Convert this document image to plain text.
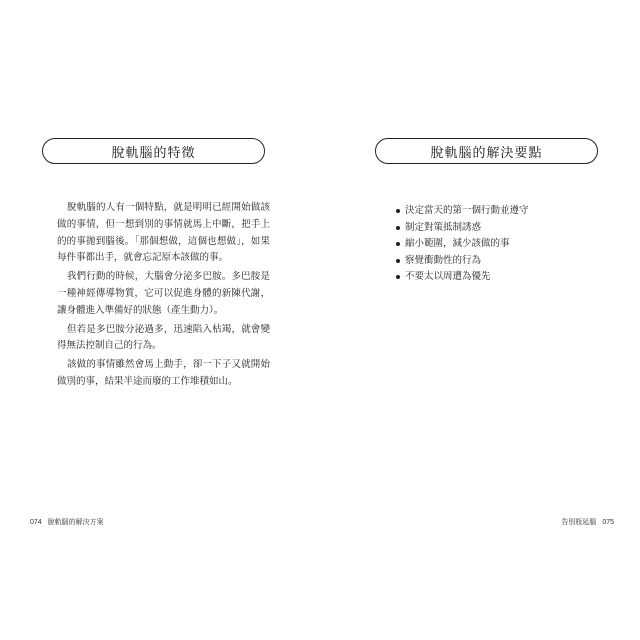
脫軌腦的特徵

脫軌腦的人有一個特點，就是明明已經開始做該做的事情，但一想到別的事情就馬上中斷，把手上的的事拋到腦後。「那個想做，這個也想做」，如果每件事都出手，就會忘記原本該做的事。

我們行動的時候，大腦會分泌多巴胺。多巴胺是一種神經傳導物質，它可以促進身體的新陳代謝，讓身體進入準備好的狀態（產生動力）。

但若是多巴胺分泌過多，迅速陷入枯竭，就會變得無法控制自己的行為。

該做的事情雖然會馬上動手，卻一下子又就開始做別的事，結果半途而廢的工作堆積如山。

074 脫軌腦的解決方案
脫軌腦的解決要點
決定當天的第一個行動並遵守
制定對策抵制誘惑
縮小範圍，減少該做的事
察覺衝動性的行為
不要太以周遭為優先
告別瓶延腦 075
